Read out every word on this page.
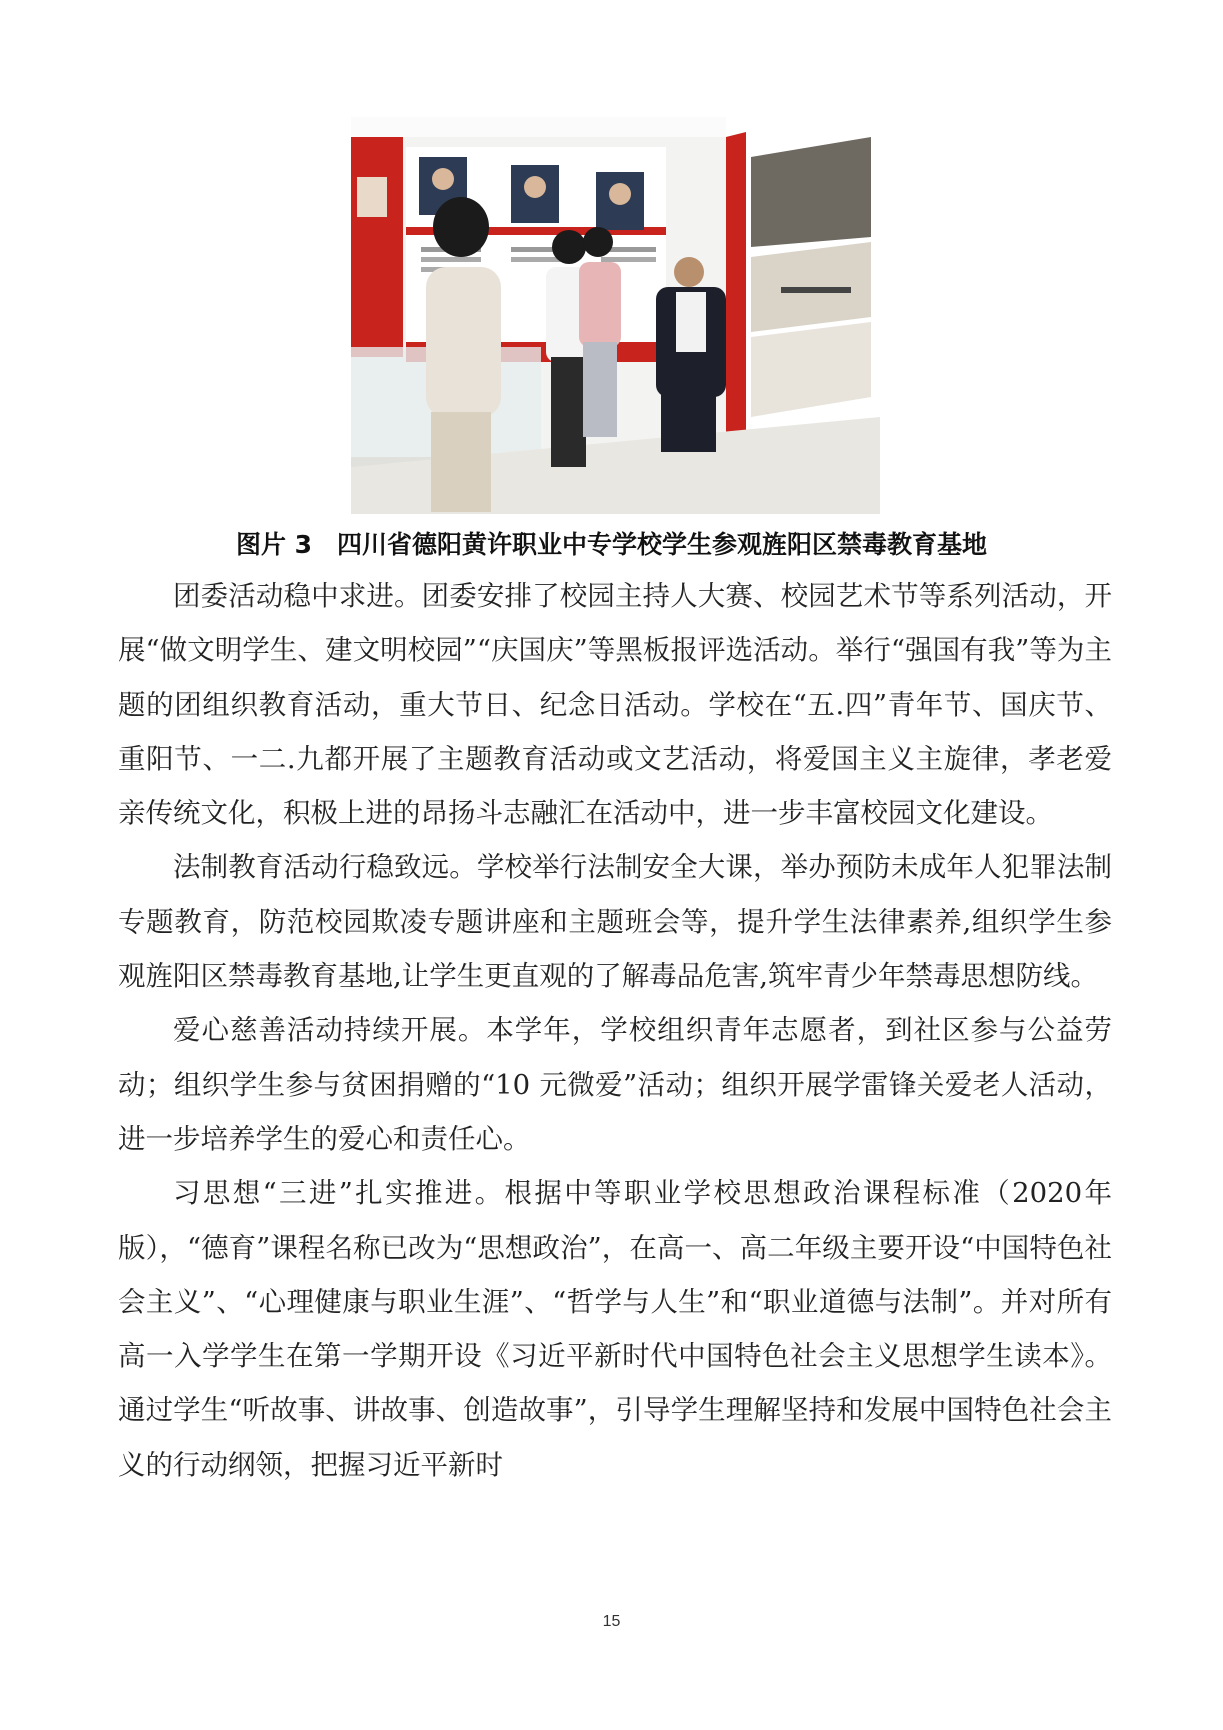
图片 3　四川省德阳黄许职业中专学校学生参观旌阳区禁毒教育基地

团委活动稳中求进。团委安排了校园主持人大赛、校园艺术节等系列活动，开展“做文明学生、建文明校园”“庆国庆”等黑板报评选活动。举行“强国有我”等为主题的团组织教育活动，重大节日、纪念日活动。学校在“五.四”青年节、国庆节、重阳节、一二.九都开展了主题教育活动或文艺活动，将爱国主义主旋律，孝老爱亲传统文化，积极上进的昂扬斗志融汇在活动中，进一步丰富校园文化建设。

法制教育活动行稳致远。学校举行法制安全大课，举办预防未成年人犯罪法制专题教育，防范校园欺凌专题讲座和主题班会等，提升学生法律素养,组织学生参观旌阳区禁毒教育基地,让学生更直观的了解毒品危害,筑牢青少年禁毒思想防线。

爱心慈善活动持续开展。本学年，学校组织青年志愿者，到社区参与公益劳动；组织学生参与贫困捐赠的“10 元微爱”活动；组织开展学雷锋关爱老人活动，进一步培养学生的爱心和责任心。

习思想“三进”扎实推进。根据中等职业学校思想政治课程标准（2020年版），“德育”课程名称已改为“思想政治”，在高一、高二年级主要开设“中国特色社会主义”、“心理健康与职业生涯”、“哲学与人生”和“职业道德与法制”。并对所有高一入学学生在第一学期开设《习近平新时代中国特色社会主义思想学生读本》。通过学生“听故事、讲故事、创造故事”，引导学生理解坚持和发展中国特色社会主义的行动纲领，把握习近平新时

15
